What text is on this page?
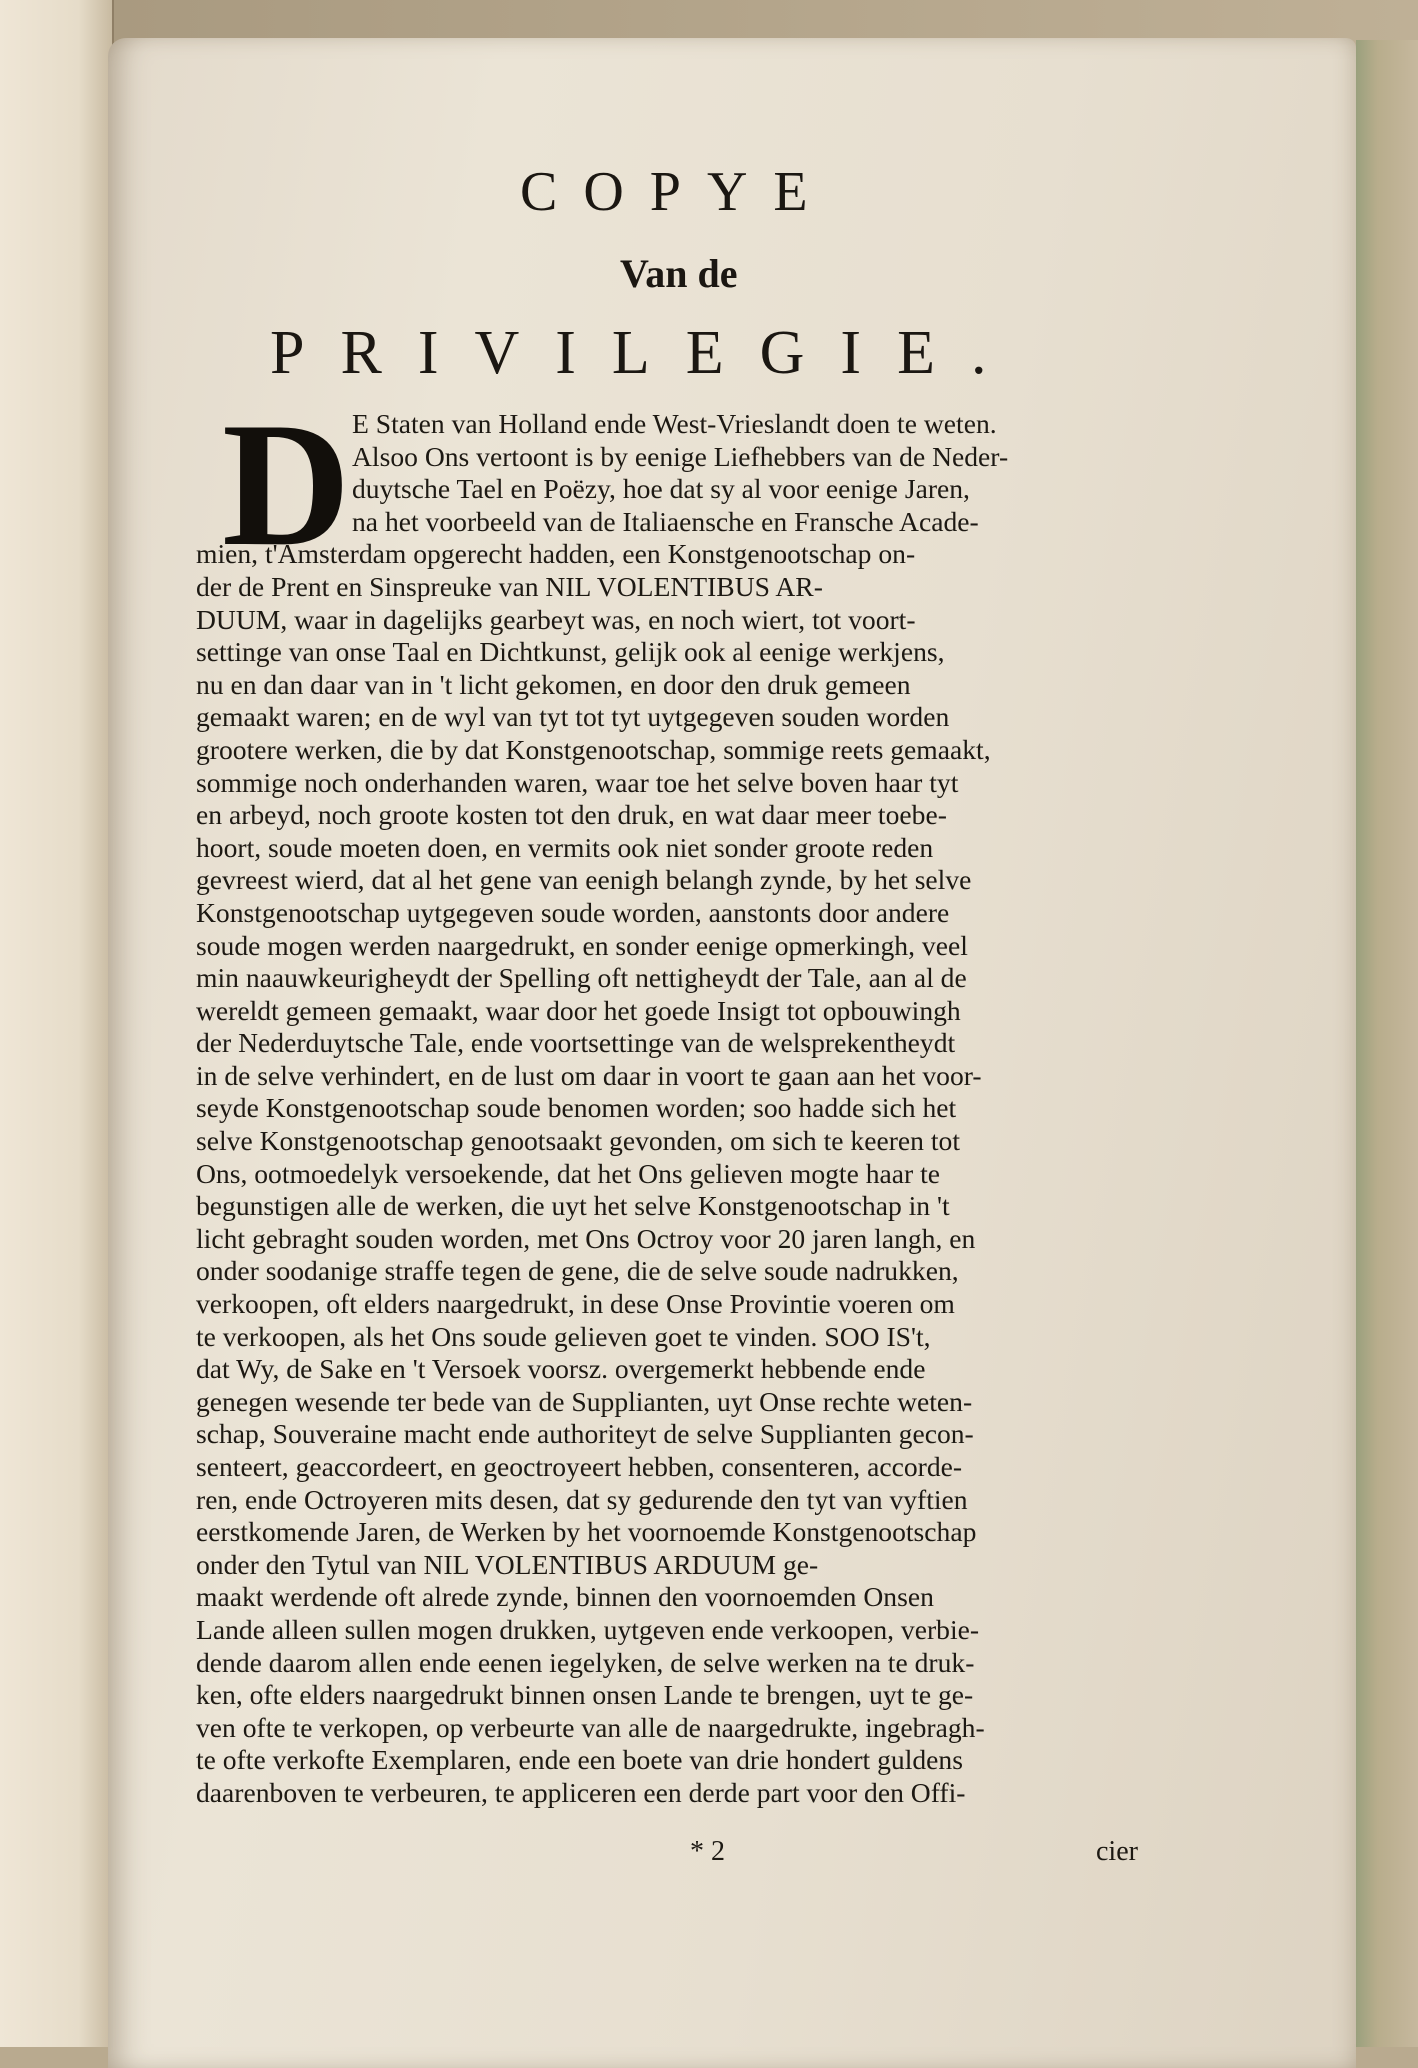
COPYE
Van de
PRIVILEGIE.
D E Staten van Holland ende West-Vrieslandt doen te weten.
Alsoo Ons vertoont is by eenige Liefhebbers van de Neder-
duytsche Tael en Poëzy, hoe dat sy al voor eenige Jaren,
na het voorbeeld van de Italiaensche en Fransche Acade-
mien, t'Amsterdam opgerecht hadden, een Konstgenootschap on-
der de Prent en Sinspreuke van NIL VOLENTIBUS AR-
DUUM, waar in dagelijks gearbeyt was, en noch wiert, tot voort-
settinge van onse Taal en Dichtkunst, gelijk ook al eenige werkjens,
nu en dan daar van in 't licht gekomen, en door den druk gemeen
gemaakt waren; en de wyl van tyt tot tyt uytgegeven souden worden
grootere werken, die by dat Konstgenootschap, sommige reets gemaakt,
sommige noch onderhanden waren, waar toe het selve boven haar tyt
en arbeyd, noch groote kosten tot den druk, en wat daar meer toebe-
hoort, soude moeten doen, en vermits ook niet sonder groote reden
gevreest wierd, dat al het gene van eenigh belangh zynde, by het selve
Konstgenootschap uytgegeven soude worden, aanstonts door andere
soude mogen werden naargedrukt, en sonder eenige opmerkingh, veel
min naauwkeurigheydt der Spelling oft nettigheydt der Tale, aan al de
wereldt gemeen gemaakt, waar door het goede Insigt tot opbouwingh
der Nederduytsche Tale, ende voortsettinge van de welsprekentheydt
in de selve verhindert, en de lust om daar in voort te gaan aan het voor-
seyde Konstgenootschap soude benomen worden; soo hadde sich het
selve Konstgenootschap genootsaakt gevonden, om sich te keeren tot
Ons, ootmoedelyk versoekende, dat het Ons gelieven mogte haar te
begunstigen alle de werken, die uyt het selve Konstgenootschap in 't
licht gebraght souden worden, met Ons Octroy voor 20 jaren langh, en
onder soodanige straffe tegen de gene, die de selve soude nadrukken,
verkoopen, oft elders naargedrukt, in dese Onse Provintie voeren om
te verkoopen, als het Ons soude gelieven goet te vinden. SOO IS't,
dat Wy, de Sake en 't Versoek voorsz. overgemerkt hebbende ende
genegen wesende ter bede van de Supplianten, uyt Onse rechte weten-
schap, Souveraine macht ende authoriteyt de selve Supplianten gecon-
senteert, geaccordeert, en geoctroyeert hebben, consenteren, accorde-
ren, ende Octroyeren mits desen, dat sy gedurende den tyt van vyftien
eerstkomende Jaren, de Werken by het voornoemde Konstgenootschap
onder den Tytul van NIL VOLENTIBUS ARDUUM ge-
maakt werdende oft alrede zynde, binnen den voornoemden Onsen
Lande alleen sullen mogen drukken, uytgeven ende verkoopen, verbie-
dende daarom allen ende eenen iegelyken, de selve werken na te druk-
ken, ofte elders naargedrukt binnen onsen Lande te brengen, uyt te ge-
ven ofte te verkopen, op verbeurte van alle de naargedrukte, ingebragh-
te ofte verkofte Exemplaren, ende een boete van drie hondert guldens
daarenboven te verbeuren, te appliceren een derde part voor den Offi-
* 2	cier
